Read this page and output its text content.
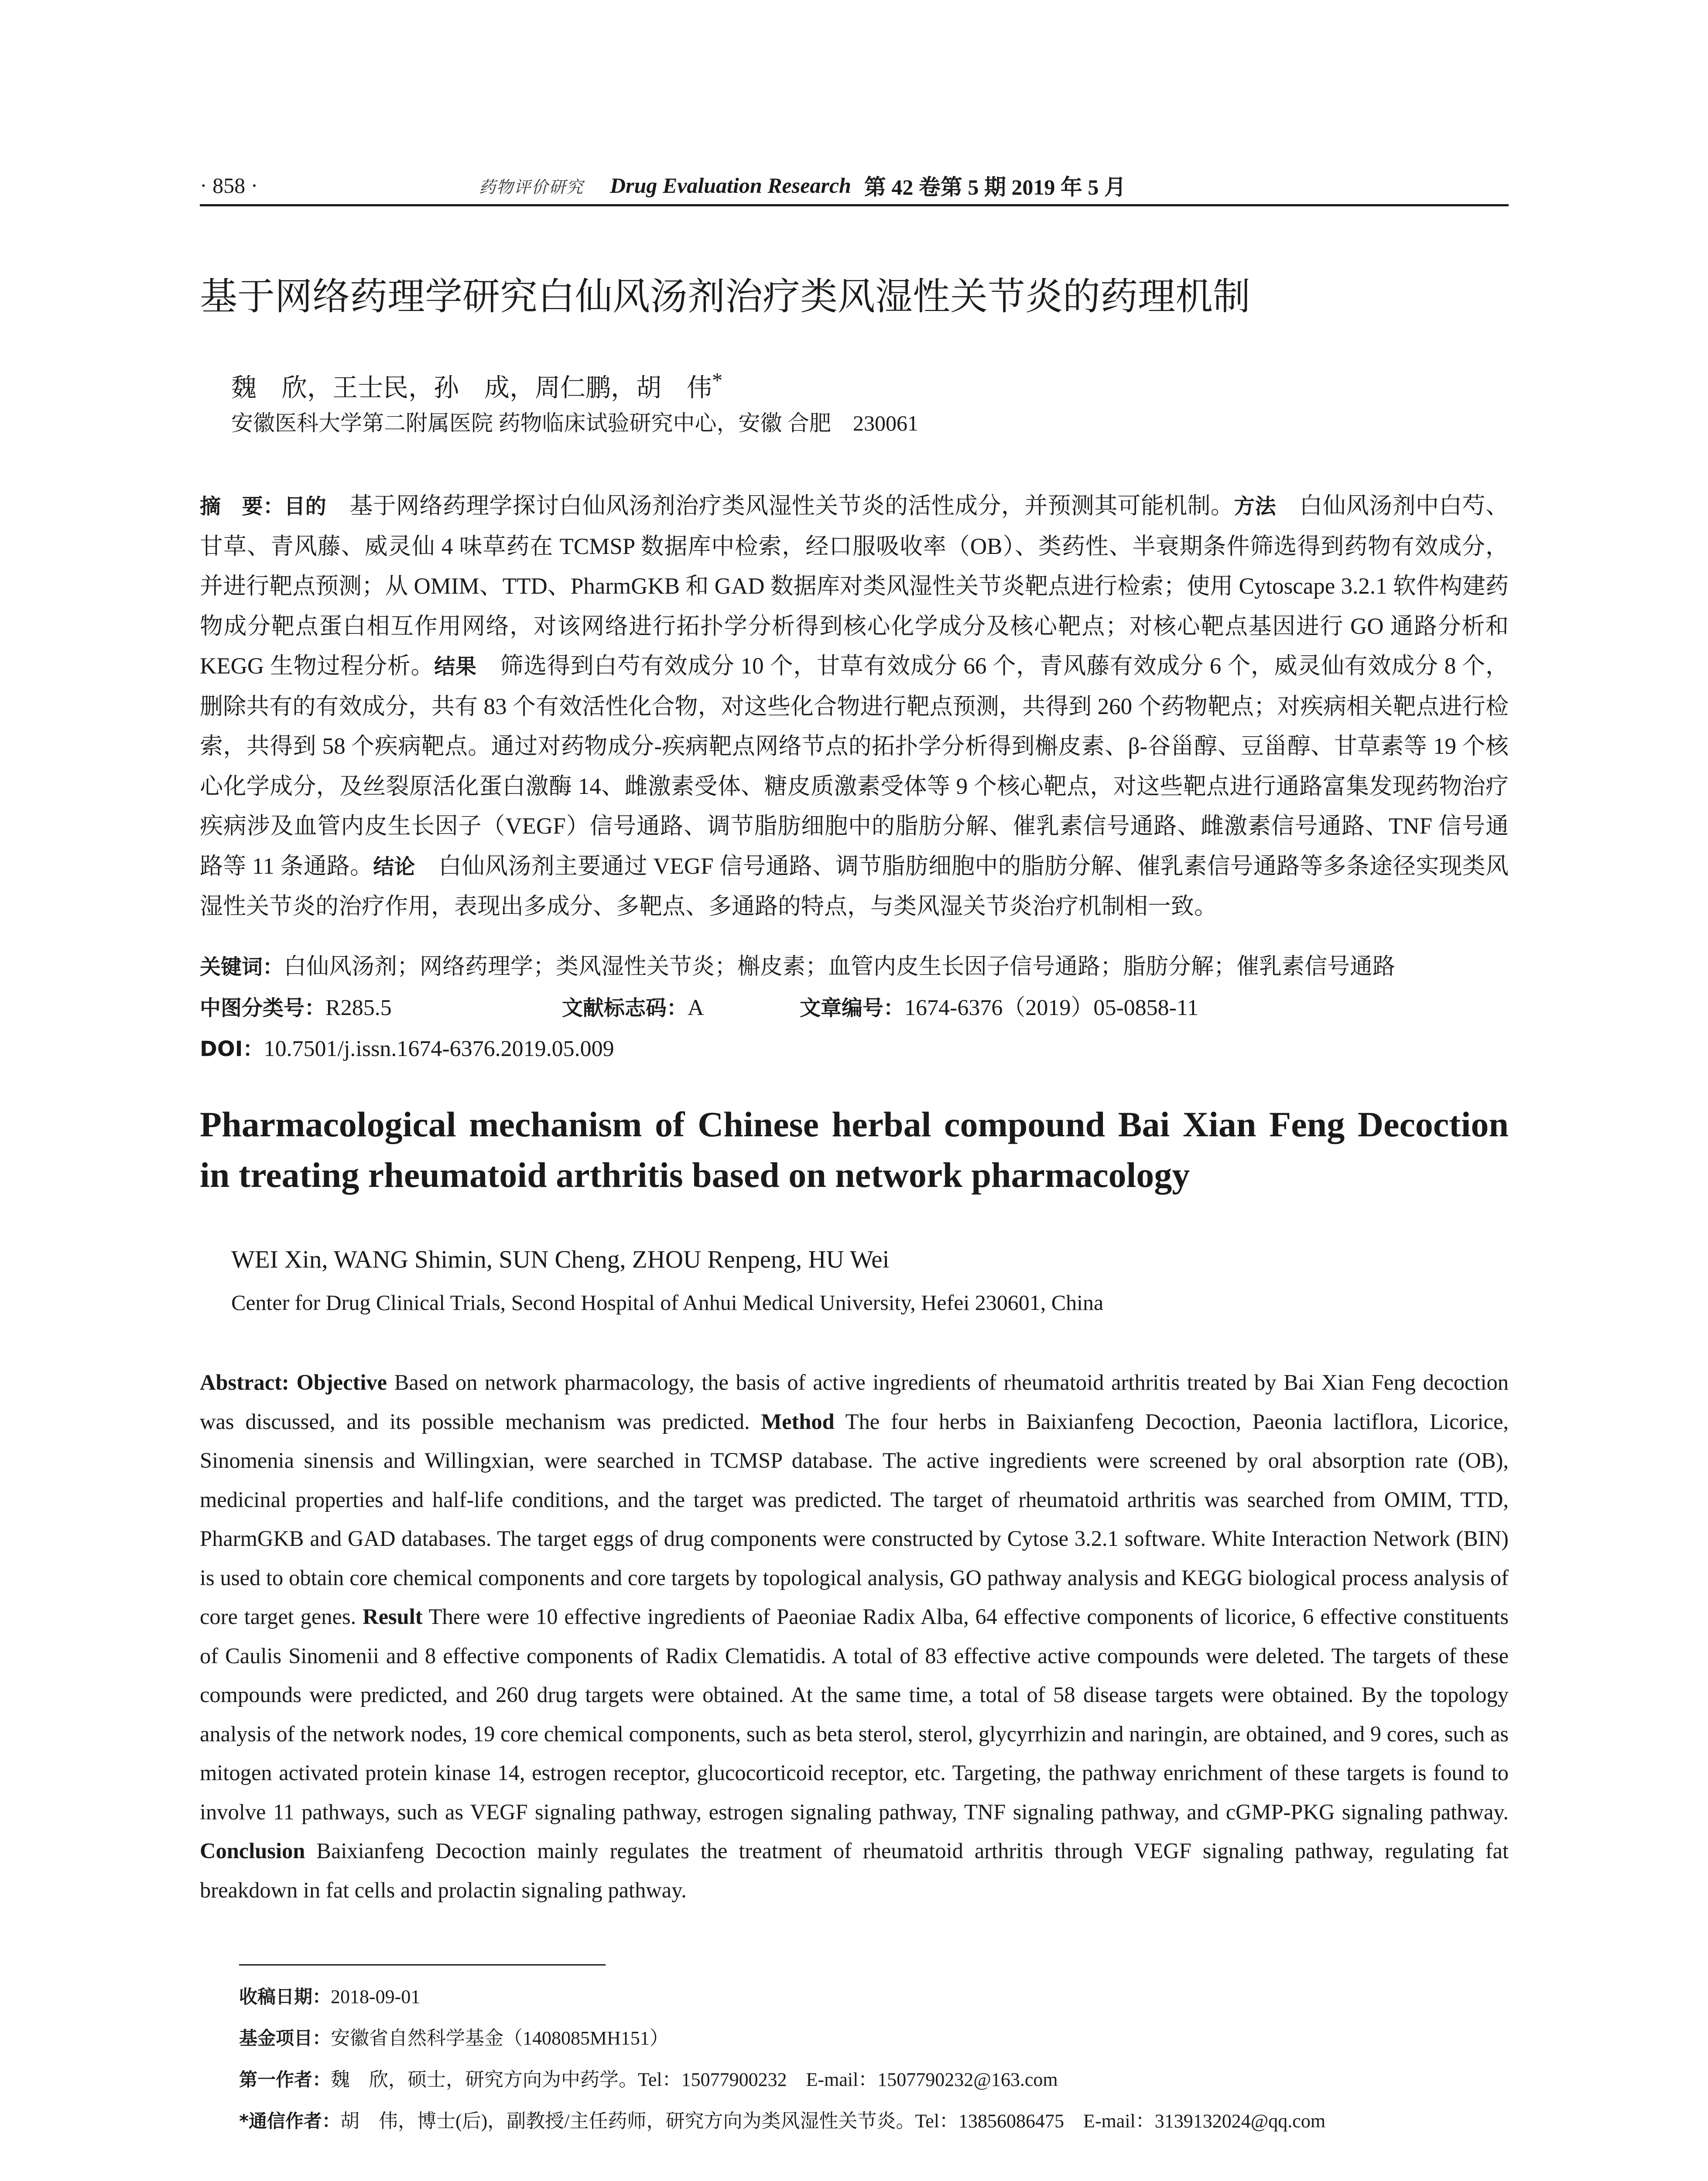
· 858 ·	药物评价研究	Drug Evaluation Research 第 42 卷第 5 期 2019 年 5 月
基于网络药理学研究白仙风汤剂治疗类风湿性关节炎的药理机制
魏　欣，王士民，孙　成，周仁鹏，胡　伟*
安徽医科大学第二附属医院 药物临床试验研究中心，安徽 合肥　230061
摘　要：目的　基于网络药理学探讨白仙风汤剂治疗类风湿性关节炎的活性成分，并预测其可能机制。方法　白仙风汤剂中白芍、甘草、青风藤、威灵仙 4 味草药在 TCMSP 数据库中检索，经口服吸收率（OB）、类药性、半衰期条件筛选得到药物有效成分，并进行靶点预测；从 OMIM、TTD、PharmGKB 和 GAD 数据库对类风湿性关节炎靶点进行检索；使用 Cytoscape 3.2.1 软件构建药物成分靶点蛋白相互作用网络，对该网络进行拓扑学分析得到核心化学成分及核心靶点；对核心靶点基因进行 GO 通路分析和 KEGG 生物过程分析。结果　筛选得到白芍有效成分 10 个，甘草有效成分 66 个，青风藤有效成分 6 个，威灵仙有效成分 8 个，删除共有的有效成分，共有 83 个有效活性化合物，对这些化合物进行靶点预测，共得到 260 个药物靶点；对疾病相关靶点进行检索，共得到 58 个疾病靶点。通过对药物成分-疾病靶点网络节点的拓扑学分析得到槲皮素、β-谷甾醇、豆甾醇、甘草素等 19 个核心化学成分，及丝裂原活化蛋白激酶 14、雌激素受体、糖皮质激素受体等 9 个核心靶点，对这些靶点进行通路富集发现药物治疗疾病涉及血管内皮生长因子（VEGF）信号通路、调节脂肪细胞中的脂肪分解、催乳素信号通路、雌激素信号通路、TNF 信号通路等 11 条通路。结论　白仙风汤剂主要通过 VEGF 信号通路、调节脂肪细胞中的脂肪分解、催乳素信号通路等多条途径实现类风湿性关节炎的治疗作用，表现出多成分、多靶点、多通路的特点，与类风湿关节炎治疗机制相一致。
关键词：白仙风汤剂；网络药理学；类风湿性关节炎；槲皮素；血管内皮生长因子信号通路；脂肪分解；催乳素信号通路
中图分类号：R285.5	文献标志码：A	文章编号：1674-6376（2019）05-0858-11
DOI：10.7501/j.issn.1674-6376.2019.05.009
Pharmacological mechanism of Chinese herbal compound Bai Xian Feng Decoction in treating rheumatoid arthritis based on network pharmacology
WEI Xin, WANG Shimin, SUN Cheng, ZHOU Renpeng, HU Wei
Center for Drug Clinical Trials, Second Hospital of Anhui Medical University, Hefei 230601, China
Abstract: Objective Based on network pharmacology, the basis of active ingredients of rheumatoid arthritis treated by Bai Xian Feng decoction was discussed, and its possible mechanism was predicted. Method The four herbs in Baixianfeng Decoction, Paeonia lactiflora, Licorice, Sinomenia sinensis and Willingxian, were searched in TCMSP database. The active ingredients were screened by oral absorption rate (OB), medicinal properties and half-life conditions, and the target was predicted. The target of rheumatoid arthritis was searched from OMIM, TTD, PharmGKB and GAD databases. The target eggs of drug components were constructed by Cytose 3.2.1 software. White Interaction Network (BIN) is used to obtain core chemical components and core targets by topological analysis, GO pathway analysis and KEGG biological process analysis of core target genes. Result There were 10 effective ingredients of Paeoniae Radix Alba, 64 effective components of licorice, 6 effective constituents of Caulis Sinomenii and 8 effective components of Radix Clematidis. A total of 83 effective active compounds were deleted. The targets of these compounds were predicted, and 260 drug targets were obtained. At the same time, a total of 58 disease targets were obtained. By the topology analysis of the network nodes, 19 core chemical components, such as beta sterol, sterol, glycyrrhizin and naringin, are obtained, and 9 cores, such as mitogen activated protein kinase 14, estrogen receptor, glucocorticoid receptor, etc. Targeting, the pathway enrichment of these targets is found to involve 11 pathways, such as VEGF signaling pathway, estrogen signaling pathway, TNF signaling pathway, and cGMP-PKG signaling pathway. Conclusion Baixianfeng Decoction mainly regulates the treatment of rheumatoid arthritis through VEGF signaling pathway, regulating fat breakdown in fat cells and prolactin signaling pathway.
收稿日期：2018-09-01
基金项目：安徽省自然科学基金（1408085MH151）
第一作者：魏　欣，硕士，研究方向为中药学。Tel：15077900232　E-mail：1507790232@163.com
*通信作者：胡　伟，博士(后)，副教授/主任药师，研究方向为类风湿性关节炎。Tel：13856086475　E-mail：3139132024@qq.com
